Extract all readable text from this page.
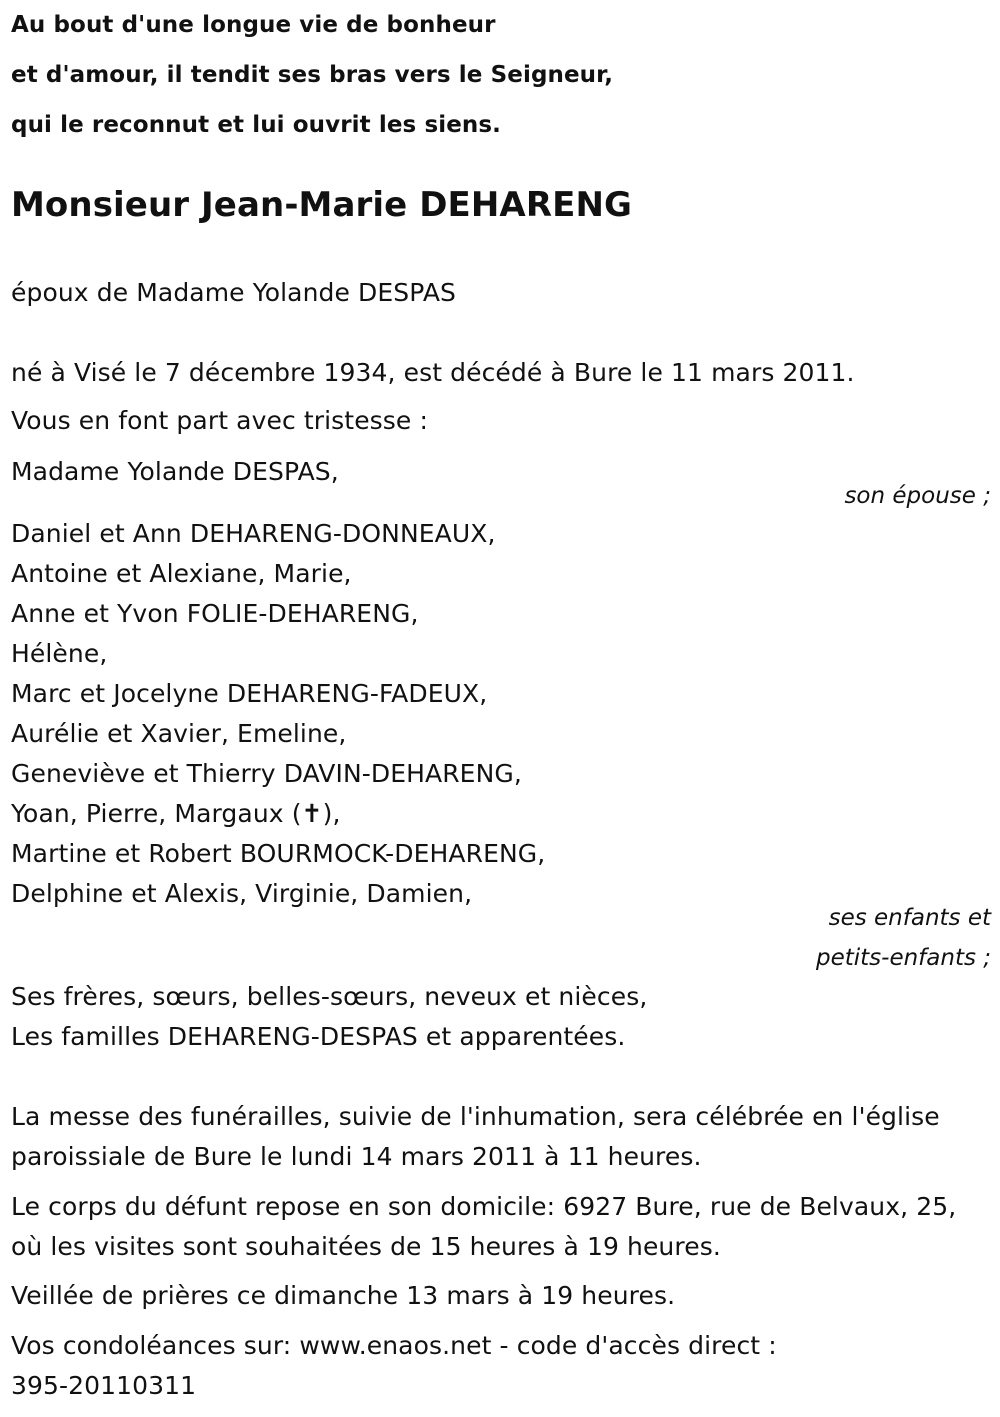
Au bout d'une longue vie de bonheur
et d'amour, il tendit ses bras vers le Seigneur,
qui le reconnut et lui ouvrit les siens.
Monsieur Jean-Marie DEHARENG
époux de Madame Yolande DESPAS
né à Visé le 7 décembre 1934, est décédé à Bure le 11 mars 2011.
Vous en font part avec tristesse :
Madame Yolande DESPAS,
son épouse ;
Daniel et Ann DEHARENG-DONNEAUX,
Antoine et Alexiane, Marie,
Anne et Yvon FOLIE-DEHARENG,
Hélène,
Marc et Jocelyne DEHARENG-FADEUX,
Aurélie et Xavier, Emeline,
Geneviève et Thierry DAVIN-DEHARENG,
Yoan, Pierre, Margaux (✝),
Martine et Robert BOURMOCK-DEHARENG,
Delphine et Alexis, Virginie, Damien,
ses enfants et
petits-enfants ;
Ses frères, sœurs, belles-sœurs, neveux et nièces,
Les familles DEHARENG-DESPAS et apparentées.
La messe des funérailles, suivie de l'inhumation, sera célébrée en l'église
paroissiale de Bure le lundi 14 mars 2011 à 11 heures.
Le corps du défunt repose en son domicile: 6927 Bure, rue de Belvaux, 25,
où les visites sont souhaitées de 15 heures à 19 heures.
Veillée de prières ce dimanche 13 mars à 19 heures.
Vos condoléances sur: www.enaos.net - code d'accès direct :
395-20110311
